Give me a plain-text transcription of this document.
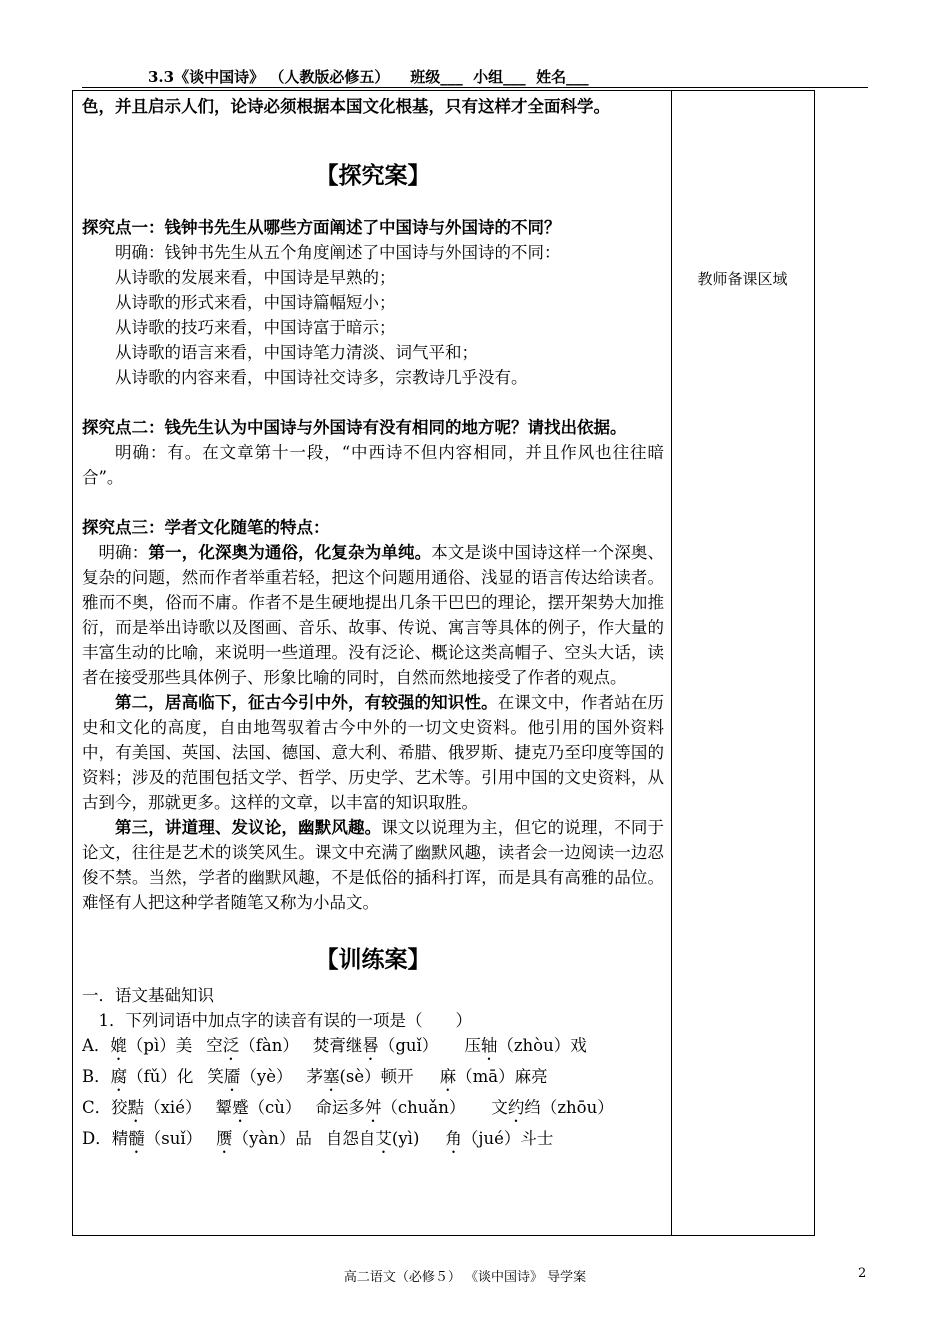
3.3《谈中国诗》 （人教版必修五）    班级___  小组___  姓名___
教师备课区域

色，并且启示人们，论诗必须根据本国文化根基，只有这样才全面科学。

【探究案】

探究点一：钱钟书先生从哪些方面阐述了中国诗与外国诗的不同？

明确：钱钟书先生从五个角度阐述了中国诗与外国诗的不同：

从诗歌的发展来看，中国诗是早熟的；

从诗歌的形式来看，中国诗篇幅短小；

从诗歌的技巧来看，中国诗富于暗示；

从诗歌的语言来看，中国诗笔力清淡、词气平和；

从诗歌的内容来看，中国诗社交诗多，宗教诗几乎没有。

探究点二：钱先生认为中国诗与外国诗有没有相同的地方呢？请找出依据。

明确：有。在文章第十一段，“中西诗不但内容相同，并且作风也往往暗合”。

探究点三：学者文化随笔的特点：

明确：第一，化深奥为通俗，化复杂为单纯。本文是谈中国诗这样一个深奥、复杂的问题，然而作者举重若轻，把这个问题用通俗、浅显的语言传达给读者。雅而不奥，俗而不庸。作者不是生硬地提出几条干巴巴的理论，摆开架势大加推衍，而是举出诗歌以及图画、音乐、故事、传说、寓言等具体的例子，作大量的丰富生动的比喻，来说明一些道理。没有泛论、概论这类高帽子、空头大话，读者在接受那些具体例子、形象比喻的同时，自然而然地接受了作者的观点。

第二，居高临下，征古今引中外，有较强的知识性。在课文中，作者站在历史和文化的高度，自由地驾驭着古今中外的一切文史资料。他引用的国外资料中，有美国、英国、法国、德国、意大利、希腊、俄罗斯、捷克乃至印度等国的资料；涉及的范围包括文学、哲学、历史学、艺术等。引用中国的文史资料，从古到今，那就更多。这样的文章，以丰富的知识取胜。

第三，讲道理、发议论，幽默风趣。课文以说理为主，但它的说理，不同于论文，往往是艺术的谈笑风生。课文中充满了幽默风趣，读者会一边阅读一边忍俊不禁。当然，学者的幽默风趣，不是低俗的插科打诨，而是具有高雅的品位。难怪有人把这种学者随笔又称为小品文。

【训练案】

一．语文基础知识

1．下列词语中加点字的读音有误的一项是（　　）

A．媲（pì）美 空泛（fàn） 焚膏继晷（guǐ） 压轴（zhòu）戏

B．腐（fǔ）化 笑靥（yè） 茅塞(sè）顿开 麻（mā）麻亮

C．狡黠（xié） 颦蹙（cù） 命运多舛（chuǎn） 文约绉（zhōu）

D．精髓（suǐ） 赝（yàn）品 自怨自艾(yì) 角（jué）斗士

高二语文（必修５） 《谈中国诗》 导学案	2
